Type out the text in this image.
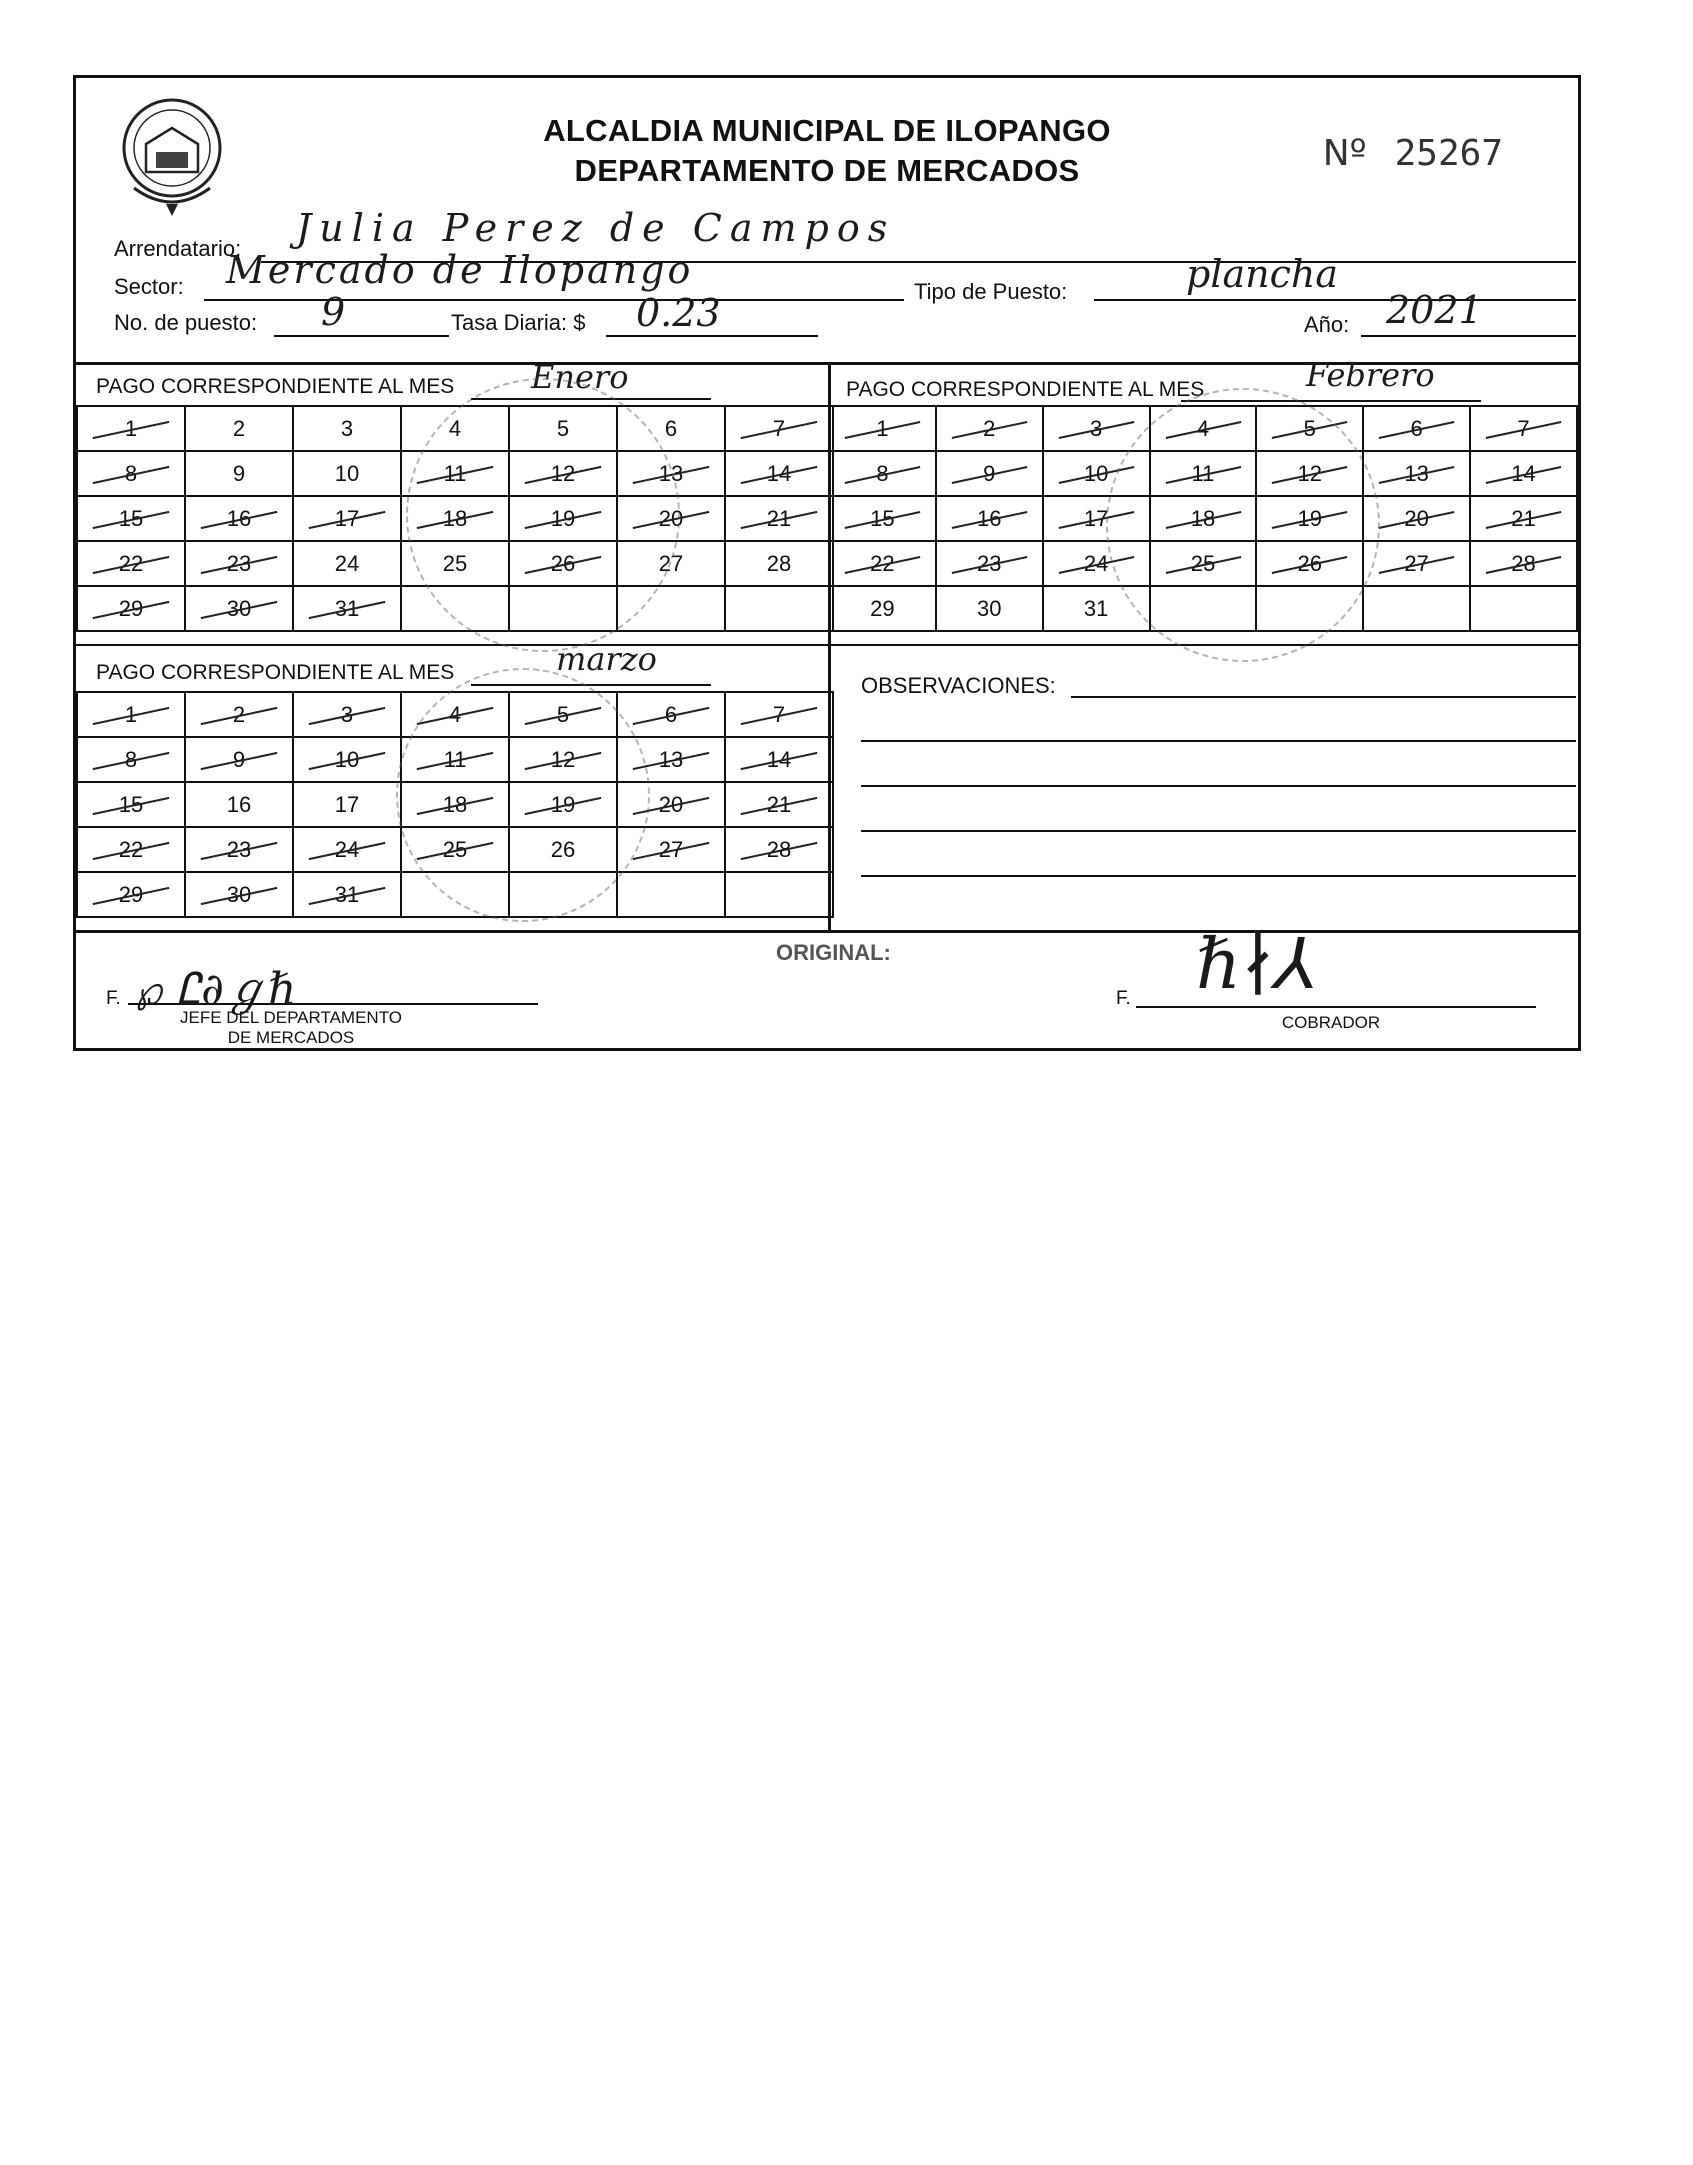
ALCALDIA MUNICIPAL DE ILOPANGO
DEPARTAMENTO DE MERCADOS	Nº 25267
Arrendatario: Julia Perez de Campos
Sector: Mercado de Ilopango	Tipo de Puesto:	plancha
No. de puesto: 9	Tasa Diaria: $ 0.23	Año: 2021
PAGO CORRESPONDIENTE AL MES Enero
1	2	3	4	5	6	7
8	9	10	11	12	13	14
15	16	17	18	19	20	21
22	23	24	25	26	27	28
29	30	31				
PAGO CORRESPONDIENTE AL MES	Febrero
1	2	3	4	5	6	7
8	9	10	11	12	13	14
15	16	17	18	19	20	21
22	23	24	25	26	27	28
29	30	31				
PAGO CORRESPONDIENTE AL MES	marzo
1	2	3	4	5	6	7
8	9	10	11	12	13	14
15	16	17	18	19	20	21
22	23	24	25	26	27	28
29	30	31				
OBSERVACIONES:
ORIGINAL:
F. ℘ Ꮭ∂ℊℏ
JEFE DEL DEPARTAMENTO
DE MERCADOS
F. ℏ∤⅄
COBRADOR
